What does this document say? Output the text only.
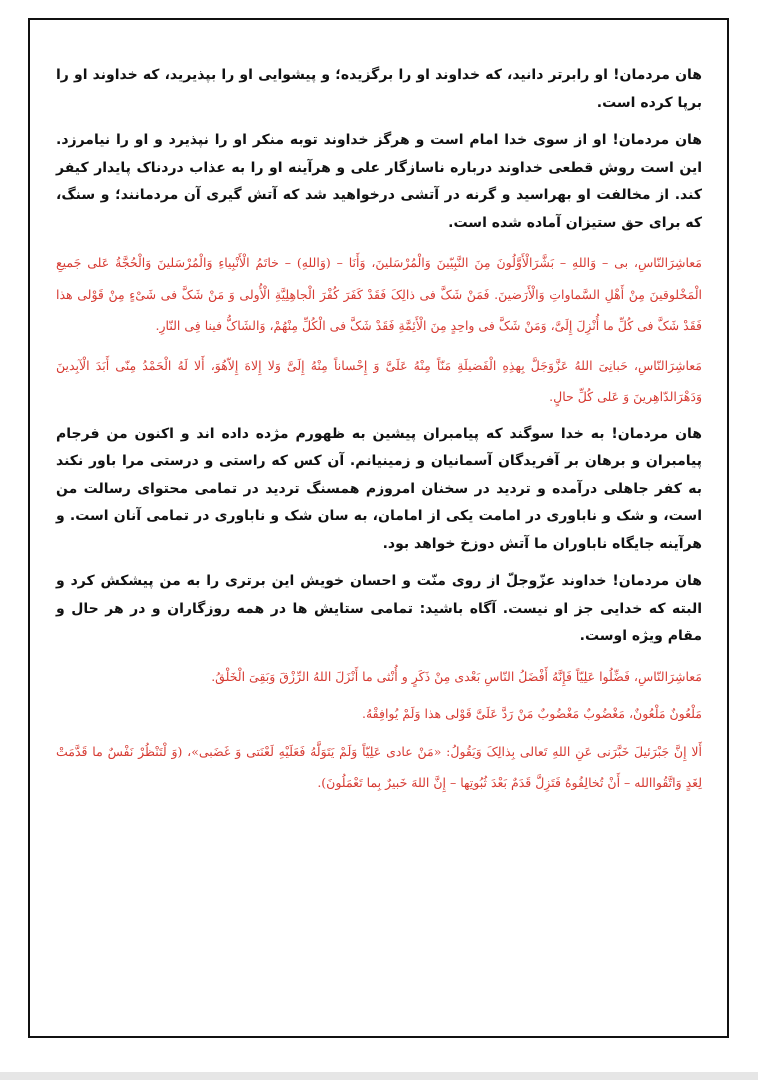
هان مردمان! او رابرتر دانید، که خداوند او را برگزیده؛ و پیشوایی او را بپذیرید، که خداوند او را برپا کرده است.

هان مردمان! او از سوی خدا امام است و هرگز خداوند توبه منکر او را نپذیرد و او را نیامرزد. این است روش قطعی خداوند درباره ناسازگار علی و هرآینه او را به عذاب دردناک پایدار کیفر کند. از مخالفت او بهراسید و گرنه در آتشی درخواهید شد که آتش گیری آن مردمانند؛ و سنگ، که برای حق ستیزان آماده شده است.

مَعاشِرَالنّاسِ، بی – وَاللهِ – بَشَّرَالْأَوَّلُونَ مِنَ النَّبِیّینَ وَالْمُرْسَلینَ، وَأَنَا – (وَاللهِ) – خاتَمُ الْأَنْبِیاءِ وَالْمُرْسَلینَ وَالْحُجَّةُ عَلی جَمیعِ الْمَخْلوقینَ مِنْ أَهْلِ السَّماواتِ وَالْأَرَضینَ. فَمَنْ شَکَّ فی ذالِکَ فَقَدْ کَفَرَ کُفْرَ الْجاهِلِیَّةِ الْأُولی وَ مَنْ شَکَّ فی شَیْءٍ مِنْ قَوْلی هذا فَقَدْ شَکَّ فی کُلِّ ما أُنْزِلَ إِلَیَّ، وَمَنْ شَکَّ فی واحِدٍ مِنَ الْأَئِمَّةِ فَقَدْ شَکَّ فی الْکُلِّ مِنْهُمْ، وَالشَاکُّ فینا فِی النّارِ.

مَعاشِرَالنّاسِ، حَبانِیَ اللهُ عَزَّوَجَلَّ بِهذِهِ الْفَضیلَةِ مَنّاً مِنْهُ عَلَیَّ وَ إِحْساناً مِنْهُ إِلَیَّ وَلا إِلاهَ إِلاّهُوَ، أَلا لَهُ الْحَمْدُ مِنّی أَبَدَ الْآبِدینَ وَدَهْرَالدّاهِرینَ وَ عَلی کُلِّ حالٍ.

هان مردمان! به خدا سوگند که پیامبران پیشین به ظهورم مژده داده اند و اکنون من فرجام پیامبران و برهان بر آفریدگان آسمانیان و زمینیانم. آن کس که راستی و درستی مرا باور نکند به کفر جاهلی درآمده و تردید در سخنان امروزم همسنگ تردید در تمامی محتوای رسالت من است، و شک و ناباوری در امامت یکی از امامان، به سان شک و ناباوری در تمامی آنان است. و هرآینه جایگاه ناباوران ما آتش دوزخ خواهد بود.

هان مردمان! خداوند عزّوجلّ از روی منّت و احسان خویش این برتری را به من پیشکش کرد و البته که خدایی جز او نیست. آگاه باشید: تمامی ستایش ها در همه روزگاران و در هر حال و مقام ویژه اوست.

مَعاشِرَالنّاسِ، فَضِّلُوا عَلِیّاً فَإِنَّهُ أَفْضَلُ النّاسِ بَعْدی مِنْ ذَکَرٍ و أُنْثی ما أَنْزَلَ اللهُ الرِّزْقَ وَبَقِیَ الْخَلْقُ.

مَلْعُونٌ مَلْعُونٌ، مَغْضُوبٌ مَغْضُوبٌ مَنْ رَدَّ عَلَیَّ قَوْلی هذا وَلَمْ یُوافِقْهُ.

أَلا إِنَّ جَبْرَئیلَ خَبَّرَنی عَنِ اللهِ تَعالی بِذالِکَ وَیَقُولُ: «مَنْ عادی عَلِیّاً وَلَمْ یَتَوَلَّهُ فَعَلَیْهِ لَعْنَتی وَ غَضَبی»، (وَ لْتَنْظُرْ نَفْسٌ ما قَدَّمَتْ لِغَدٍ وَاتَّقُواالله – أَنْ تُخالِفُوهُ فَتَزِلَّ قَدَمٌ بَعْدَ ثُبُوتِها – إِنَّ اللهَ خَبیرٌ بِما تَعْمَلُونَ).
